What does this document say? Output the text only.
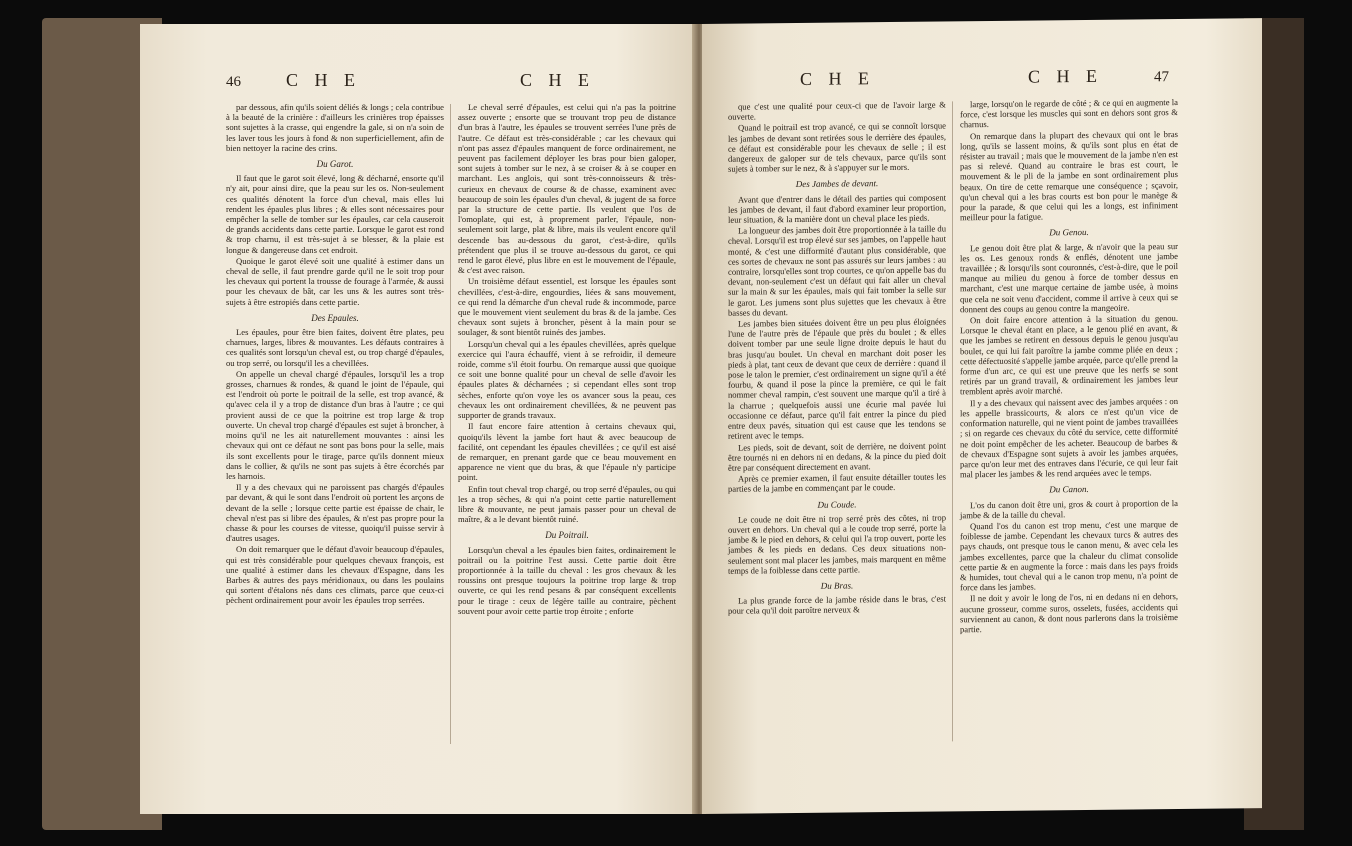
46	C H E	C H E

par dessous, afin qu'ils soient déliés & longs ; cela contribue à la beauté de la crinière : d'ailleurs les crinières trop épaisses sont sujettes à la crasse, qui engendre la gale, si on n'a soin de les laver tous les jours à fond & non superficiellement, afin de bien nettoyer la racine des crins.

Du Garot.

Il faut que le garot soit élevé, long & décharné, ensorte qu'il n'y ait, pour ainsi dire, que la peau sur les os. Non-seulement ces qualités dénotent la force d'un cheval, mais elles lui rendent les épaules plus libres ; & elles sont nécessaires pour empêcher la selle de tomber sur les épaules, car cela causeroit de grands accidents dans cette partie. Lorsque le garot est rond & trop charnu, il est très-sujet à se blesser, & la plaie est longue & dangereuse dans cet endroit.

Quoique le garot élevé soit une qualité à estimer dans un cheval de selle, il faut prendre garde qu'il ne le soit trop pour les chevaux qui portent la trousse de fourage à l'armée, & aussi pour les chevaux de bât, car les uns & les autres sont très-sujets à être estropiés dans cette partie.

Des Epaules.

Les épaules, pour être bien faites, doivent être plates, peu charnues, larges, libres & mouvantes. Les défauts contraires à ces qualités sont lorsqu'un cheval est, ou trop chargé d'épaules, ou trop serré, ou lorsqu'il les a chevillées.

On appelle un cheval chargé d'épaules, lorsqu'il les a trop grosses, charnues & rondes, & quand le joint de l'épaule, qui est l'endroit où porte le poitrail de la selle, est trop avancé, & qu'avec cela il y a trop de distance d'un bras à l'autre ; ce qui provient aussi de ce que la poitrine est trop large & trop ouverte. Un cheval trop chargé d'épaules est sujet à broncher, à moins qu'il ne les ait naturellement mouvantes : ainsi les chevaux qui ont ce défaut ne sont pas bons pour la selle, mais ils sont excellents pour le tirage, parce qu'ils donnent mieux dans le collier, & qu'ils ne sont pas sujets à être écorchés par les harnois.

Il y a des chevaux qui ne paroissent pas chargés d'épaules par devant, & qui le sont dans l'endroit où portent les arçons de devant de la selle ; lorsque cette partie est épaisse de chair, le cheval n'est pas si libre des épaules, & n'est pas propre pour la chasse & pour les courses de vitesse, quoiqu'il puisse servir à d'autres usages.

On doit remarquer que le défaut d'avoir beaucoup d'épaules, qui est très considérable pour quelques chevaux françois, est une qualité à estimer dans les chevaux d'Espagne, dans les Barbes & autres des pays méridionaux, ou dans les poulains qui sortent d'étalons nés dans ces climats, parce que ceux-ci pèchent ordinairement pour avoir les épaules trop serrées.

Le cheval serré d'épaules, est celui qui n'a pas la poitrine assez ouverte ; ensorte que se trouvant trop peu de distance d'un bras à l'autre, les épaules se trouvent serrées l'une près de l'autre. Ce défaut est très-considérable ; car les chevaux qui n'ont pas assez d'épaules manquent de force ordinairement, ne peuvent pas facilement déployer les bras pour bien galoper, sont sujets à tomber sur le nez, à se croiser & à se couper en marchant. Les anglois, qui sont très-connoisseurs & très-curieux en chevaux de course & de chasse, examinent avec beaucoup de soin les épaules d'un cheval, & jugent de sa force par la structure de cette partie. Ils veulent que l'os de l'omoplate, qui est, à proprement parler, l'épaule, non-seulement soit large, plat & libre, mais ils veulent encore qu'il descende bas au-dessous du garot, c'est-à-dire, qu'ils prétendent que plus il se trouve au-dessous du garot, ce qui rend le garot élevé, plus libre en est le mouvement de l'épaule, & c'est avec raison.

Un troisième défaut essentiel, est lorsque les épaules sont chevillées, c'est-à-dire, engourdies, liées & sans mouvement, ce qui rend la démarche d'un cheval rude & incommode, parce que le mouvement vient seulement du bras & de la jambe. Ces chevaux sont sujets à broncher, pèsent à la main pour se soulager, & sont bientôt ruinés des jambes.

Lorsqu'un cheval qui a les épaules chevillées, après quelque exercice qui l'aura échauffé, vient à se refroidir, il demeure roide, comme s'il étoit fourbu. On remarque aussi que quoique ce soit une bonne qualité pour un cheval de selle d'avoir les épaules plates & décharnées ; si cependant elles sont trop sèches, enforte qu'on voye les os avancer sous la peau, ces chevaux les ont ordinairement chevillées, & ne peuvent pas supporter de grands travaux.

Il faut encore faire attention à certains chevaux qui, quoiqu'ils lèvent la jambe fort haut & avec beaucoup de facilité, ont cependant les épaules chevillées ; ce qu'il est aisé de remarquer, en prenant garde que ce beau mouvement en apparence ne vient que du bras, & que l'épaule n'y participe point.

Enfin tout cheval trop chargé, ou trop serré d'épaules, ou qui les a trop sèches, & qui n'a point cette partie naturellement libre & mouvante, ne peut jamais passer pour un cheval de maître, & a le devant bientôt ruiné.

Du Poitrail.

Lorsqu'un cheval a les épaules bien faites, ordinairement le poitrail ou la poitrine l'est aussi. Cette partie doit être proportionnée à la taille du cheval : les gros chevaux & les roussins ont presque toujours la poitrine trop large & trop ouverte, ce qui les rend pesans & par conséquent excellents pour le tirage : ceux de légère taille au contraire, pèchent souvent pour avoir cette partie trop étroite ; enforte

C H E	C H E	47

que c'est une qualité pour ceux-ci que de l'avoir large & ouverte.

Quand le poitrail est trop avancé, ce qui se connoît lorsque les jambes de devant sont retirées sous le derrière des épaules, ce défaut est considérable pour les chevaux de selle ; il est dangereux de galoper sur de tels chevaux, parce qu'ils sont sujets à tomber sur le nez, & à s'appuyer sur le mors.

Des Jambes de devant.

Avant que d'entrer dans le détail des parties qui composent les jambes de devant, il faut d'abord examiner leur proportion, leur situation, & la manière dont un cheval place les pieds.

La longueur des jambes doit être proportionnée à la taille du cheval. Lorsqu'il est trop élevé sur ses jambes, on l'appelle haut monté, & c'est une difformité d'autant plus considérable, que ces sortes de chevaux ne sont pas assurés sur leurs jambes : au contraire, lorsqu'elles sont trop courtes, ce qu'on appelle bas du devant, non-seulement c'est un défaut qui fait aller un cheval sur la main & sur les épaules, mais qui fait tomber la selle sur le garot. Les jumens sont plus sujettes que les chevaux à être basses du devant.

Les jambes bien situées doivent être un peu plus éloignées l'une de l'autre près de l'épaule que près du boulet ; & elles doivent tomber par une seule ligne droite depuis le haut du bras jusqu'au boulet. Un cheval en marchant doit poser les pieds à plat, tant ceux de devant que ceux de derrière : quand il pose le talon le premier, c'est ordinairement un signe qu'il a été fourbu, & quand il pose la pince la première, ce qui le fait nommer cheval rampin, c'est souvent une marque qu'il a tiré à la charrue ; quelquefois aussi une écurie mal pavée lui occasionne ce défaut, parce qu'il fait entrer la pince du pied entre deux pavés, situation qui est cause que les tendons se retirent avec le temps.

Les pieds, soit de devant, soit de derrière, ne doivent point être tournés ni en dehors ni en dedans, & la pince du pied doit être par conséquent directement en avant.

Après ce premier examen, il faut ensuite détailler toutes les parties de la jambe en commençant par le coude.

Du Coude.

Le coude ne doit être ni trop serré près des côtes, ni trop ouvert en dehors. Un cheval qui a le coude trop serré, porte la jambe & le pied en dehors, & celui qui l'a trop ouvert, porte les jambes & les pieds en dedans. Ces deux situations non-seulement sont mal placer les jambes, mais marquent en même temps de la foiblesse dans cette partie.

Du Bras.

La plus grande force de la jambe réside dans le bras, c'est pour cela qu'il doit paroître nerveux &

large, lorsqu'on le regarde de côté ; & ce qui en augmente la force, c'est lorsque les muscles qui sont en dehors sont gros & charnus.

On remarque dans la plupart des chevaux qui ont le bras long, qu'ils se lassent moins, & qu'ils sont plus en état de résister au travail ; mais que le mouvement de la jambe n'en est pas si relevé. Quand au contraire le bras est court, le mouvement & le pli de la jambe en sont ordinairement plus beaux. On tire de cette remarque une conséquence ; sçavoir, qu'un cheval qui a les bras courts est bon pour le manège & pour la parade, & que celui qui les a longs, est infiniment meilleur pour la fatigue.

Du Genou.

Le genou doit être plat & large, & n'avoir que la peau sur les os. Les genoux ronds & enflés, dénotent une jambe travaillée ; & lorsqu'ils sont couronnés, c'est-à-dire, que le poil manque au milieu du genou à force de tomber dessus en marchant, c'est une marque certaine de jambe usée, à moins que cela ne soit venu d'accident, comme il arrive à ceux qui se donnent des coups au genou contre la mangeoire.

On doit faire encore attention à la situation du genou. Lorsque le cheval étant en place, a le genou plié en avant, & que les jambes se retirent en dessous depuis le genou jusqu'au boulet, ce qui lui fait paroître la jambe comme pliée en deux ; cette défectuosité s'appelle jambe arquée, parce qu'elle prend la forme d'un arc, ce qui est une preuve que les nerfs se sont retirés par un grand travail, & ordinairement les jambes leur tremblent après avoir marché.

Il y a des chevaux qui naissent avec des jambes arquées : on les appelle brassicourts, & alors ce n'est qu'un vice de conformation naturelle, qui ne vient point de jambes travaillées ; si on regarde ces chevaux du côté du service, cette difformité ne doit point empêcher de les acheter. Beaucoup de barbes & de chevaux d'Espagne sont sujets à avoir les jambes arquées, parce qu'on leur met des entraves dans l'écurie, ce qui leur fait mal placer les jambes & les rend arquées avec le temps.

Du Canon.

L'os du canon doit être uni, gros & court à proportion de la jambe & de la taille du cheval.

Quand l'os du canon est trop menu, c'est une marque de foiblesse de jambe. Cependant les chevaux turcs & autres des pays chauds, ont presque tous le canon menu, & avec cela les jambes excellentes, parce que la chaleur du climat consolide cette partie & en augmente la force : mais dans les pays froids & humides, tout cheval qui a le canon trop menu, n'a point de force dans les jambes.

Il ne doit y avoir le long de l'os, ni en dedans ni en dehors, aucune grosseur, comme suros, osselets, fusées, accidents qui surviennent au canon, & dont nous parlerons dans la troisième partie.
